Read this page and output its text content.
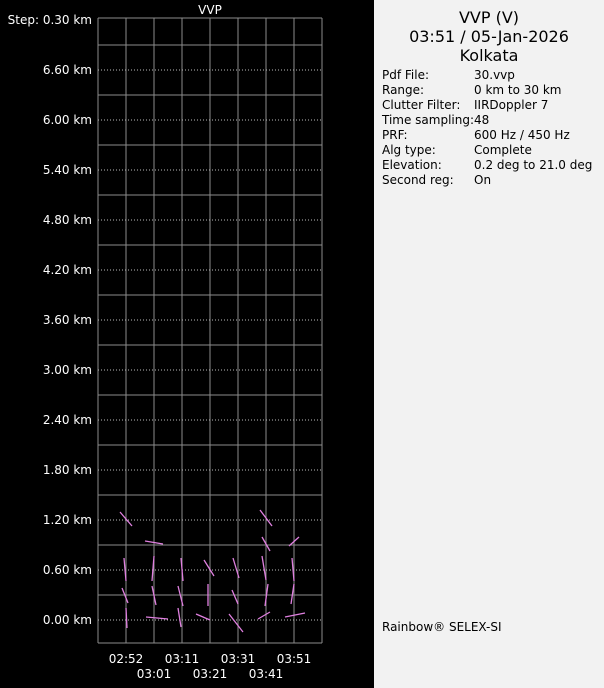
VVP
Step: 0.30 km
6.60 km
6.00 km
5.40 km
4.80 km
4.20 km
3.60 km
3.00 km
2.40 km
1.80 km
1.20 km
0.60 km
0.00 km
02:52 03:11 03:31 03:51
03:01 03:21 03:41
VVP (V)
03:51 / 05-Jan-2026
Kolkata
Pdf File:	30.vvp
Range:	0 km to 30 km
Clutter Filter: IIRDoppler 7
Time sampling: 48
PRF:	600 Hz / 450 Hz
Alg type:	Complete
Elevation:	0.2 deg to 21.0 deg
Second reg: On
Rainbow® SELEX-SI
